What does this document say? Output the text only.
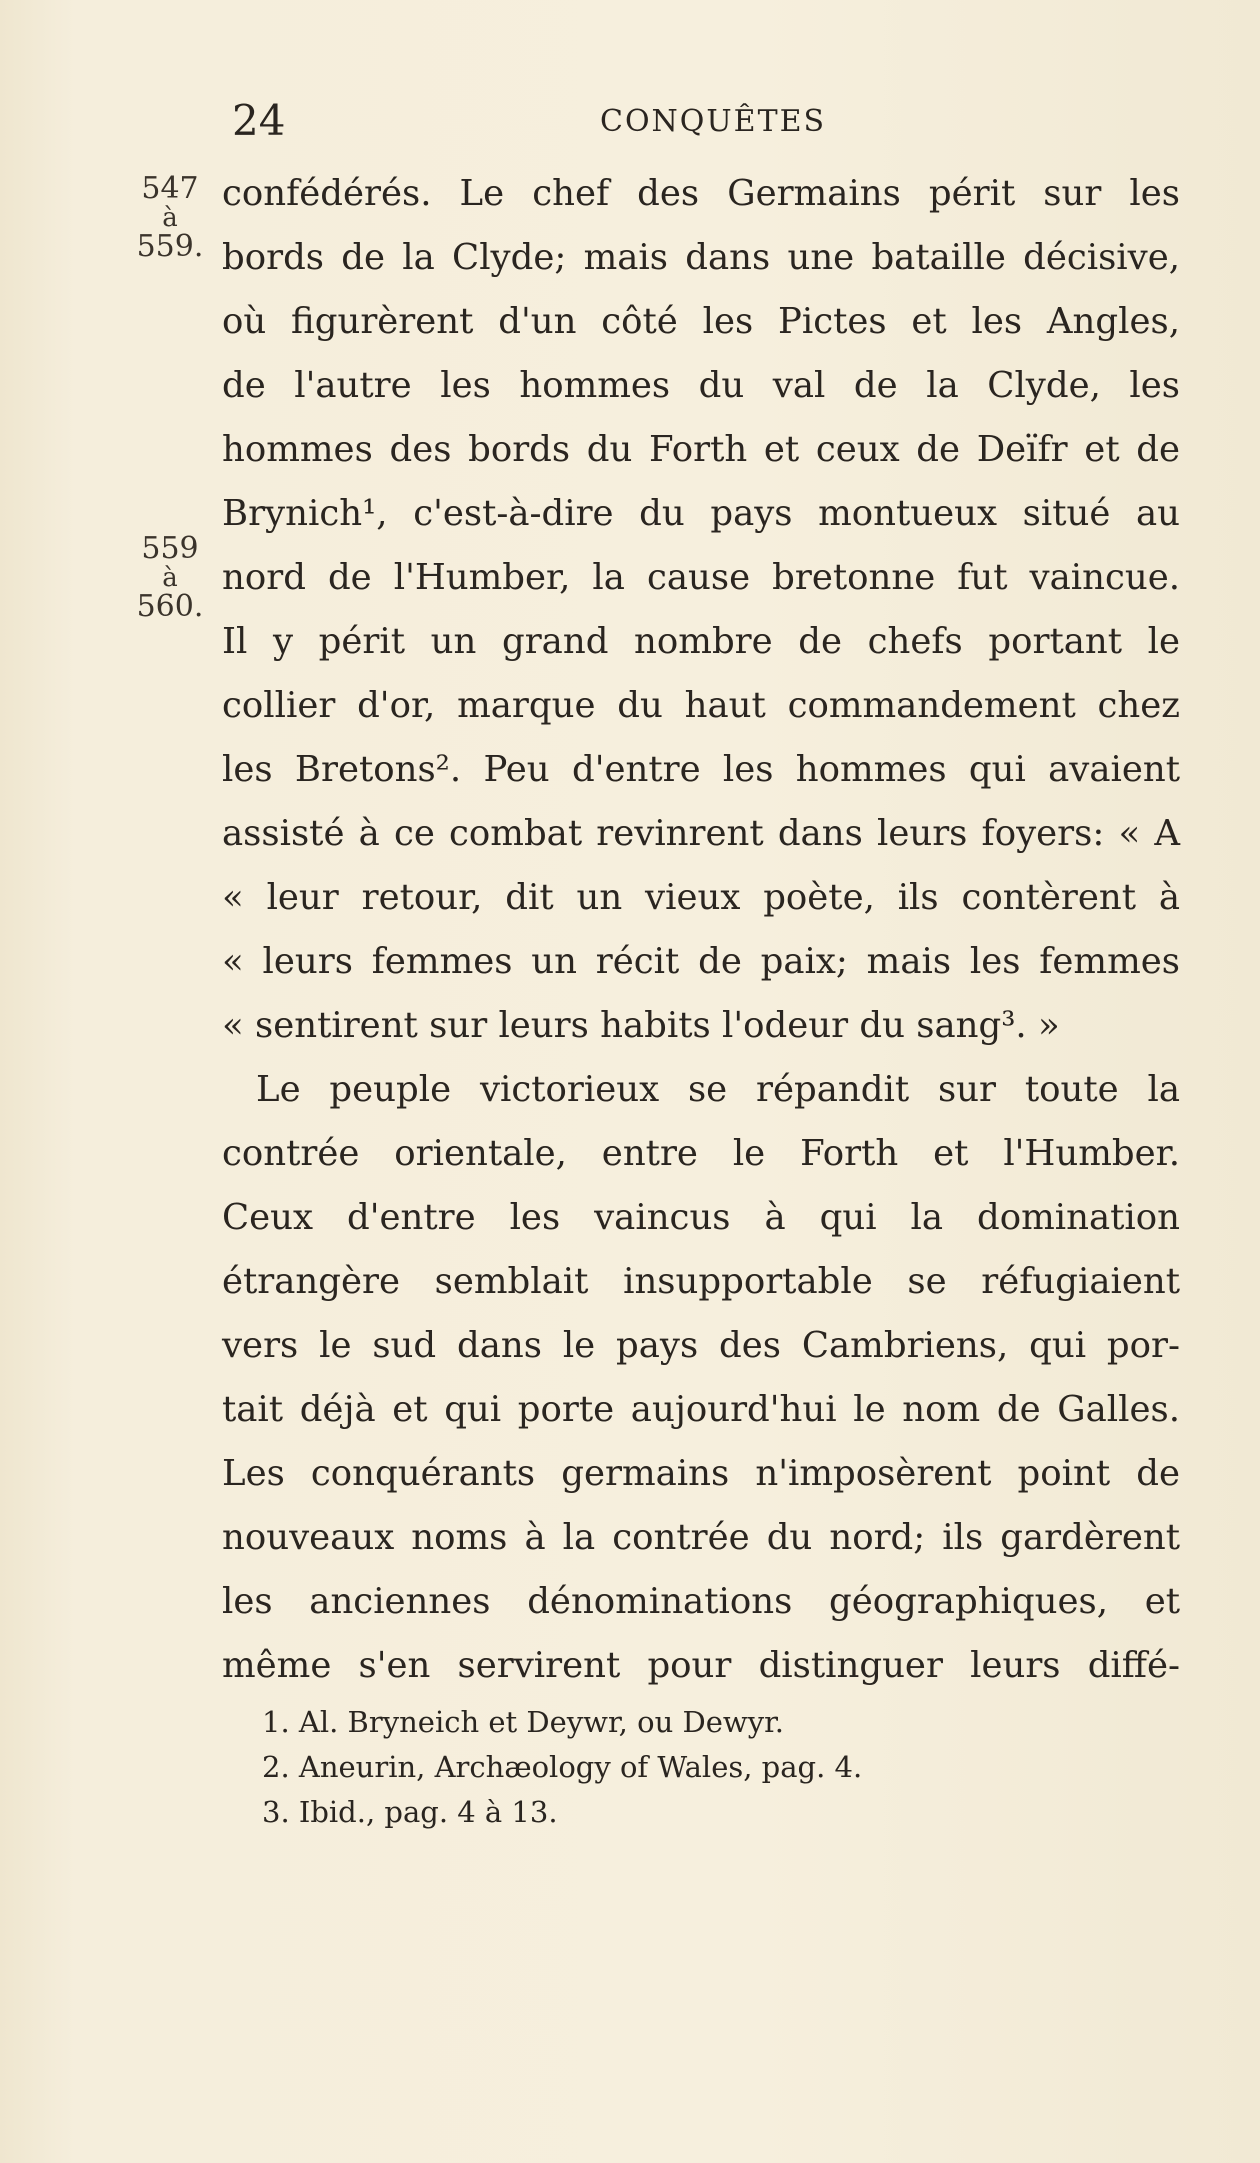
24	CONQUÊTES
547
à
559.
559
à
560.
confédérés. Le chef des Germains périt sur les
bords de la Clyde; mais dans une bataille décisive,
où figurèrent d'un côté les Pictes et les Angles,
de l'autre les hommes du val de la Clyde, les
hommes des bords du Forth et ceux de Deïfr et de
Brynich¹, c'est-à-dire du pays montueux situé au
nord de l'Humber, la cause bretonne fut vaincue.
Il y périt un grand nombre de chefs portant le
collier d'or, marque du haut commandement chez
les Bretons². Peu d'entre les hommes qui avaient
assisté à ce combat revinrent dans leurs foyers: « A
« leur retour, dit un vieux poète, ils contèrent à
« leurs femmes un récit de paix; mais les femmes
« sentirent sur leurs habits l'odeur du sang³. »
Le peuple victorieux se répandit sur toute la
contrée orientale, entre le Forth et l'Humber.
Ceux d'entre les vaincus à qui la domination
étrangère semblait insupportable se réfugiaient
vers le sud dans le pays des Cambriens, qui por-
tait déjà et qui porte aujourd'hui le nom de Galles.
Les conquérants germains n'imposèrent point de
nouveaux noms à la contrée du nord; ils gardèrent
les anciennes dénominations géographiques, et
même s'en servirent pour distinguer leurs diffé-
1. Al. Bryneich et Deywr, ou Dewyr.
2. Aneurin, Archæology of Wales, pag. 4.
3. Ibid., pag. 4 à 13.
